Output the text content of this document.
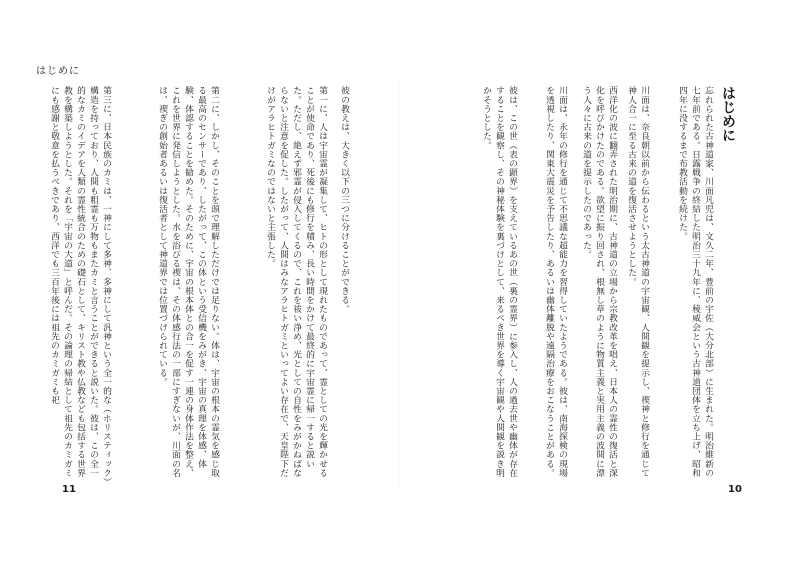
はじめに
はじめに
忘れられた古神道家、川面凡児は、文久二年、豊前の宇佐（大分北部）に生まれた。明治維新の七年前である。日露戦争の終結した明治三十九年に、稜威会という古神道団体を立ち上げ、昭和四年に没するまで布教活動を続けた。
川面は、奈良朝以前から伝わるという太古神道の宇宙観、人間観を提示し、禊神と修行を通じて神人合一に至る古来の道を復活させようとした。
西洋化の波に翻弄された明治期に、古神道の立場から宗教改革を唱え、日本人の霊性の復活と深化を呼びかけたのである。欲望に振り回され、根無し草のように物質主義と実用主義の波間に漂う人々に古来の道を提示したのであった。
川面は、永年の修行を通じて不思議な超能力を習得していたようである。彼は、南海探検の現場を透視したり、関東大震災を予告したり、あるいは幽体離脱や遠隔治療をおこなうことがある。
彼は、この世（表の顕界）を支えているあの世（裏の霊界）に参入し、人の過去世や幽体が存在することを観察し、その神秘体験を裏づけとして、来るべき世界を導く宇宙観や人間観を説き明かそうとした。
10
彼の教えは、大きく以下の三つに分けることができる。
第一に、人は宇宙霊が凝集して、ヒトの形として現れたものであって、霊としての光を輝かせることが使命であり、死後にも修行を積み、長い時間をかけて最終的に宇宙霊に帰一すると説いた。ただし、絶えず邪霊が侵入してくるので、これを祓い浄め、光としての自性をみがかねばならないと注意を促した。したがって、人間はみなアラヒトガミといってよい存在で、天皇陛下だけがアラヒトガミなのではないと主張した。
第二に、しかし、そのことを頭で理解しただけでは足りない。体は、宇宙の根本の霊気を感じ取る最高のセンサーであり、したがって、この体という受信機をみがき、宇宙の真理を体感、体験、体認することを勧めた。そのために、宇宙の根本体との合一を促す一連の身体作法を整え、これを世界に発信しようとした。水を浴びる禊は、その体感行法の一部にすぎないが、川面の名は、禊ぎの創始者あるいは復活者として神道界では位置づけられている。
第三に、日本民族のカミは、一神にして多神、多神にして汎神という全一的な（ホリスティック）構造を持っており、人間も粗霊も万物もまたカミと言うことができると説いた。彼は、この全一的なカミのイデアを人類の霊性統合のための礎石として、キリスト教や仏教なども包括する世界教を構築しようとした。それを「宇宙の大道」と呼んだ。その論理の帰結として祖先のカミガミにも感謝と敬意を払うべきであり、西洋でも三百年後には祖先のカミガミも祀
11
